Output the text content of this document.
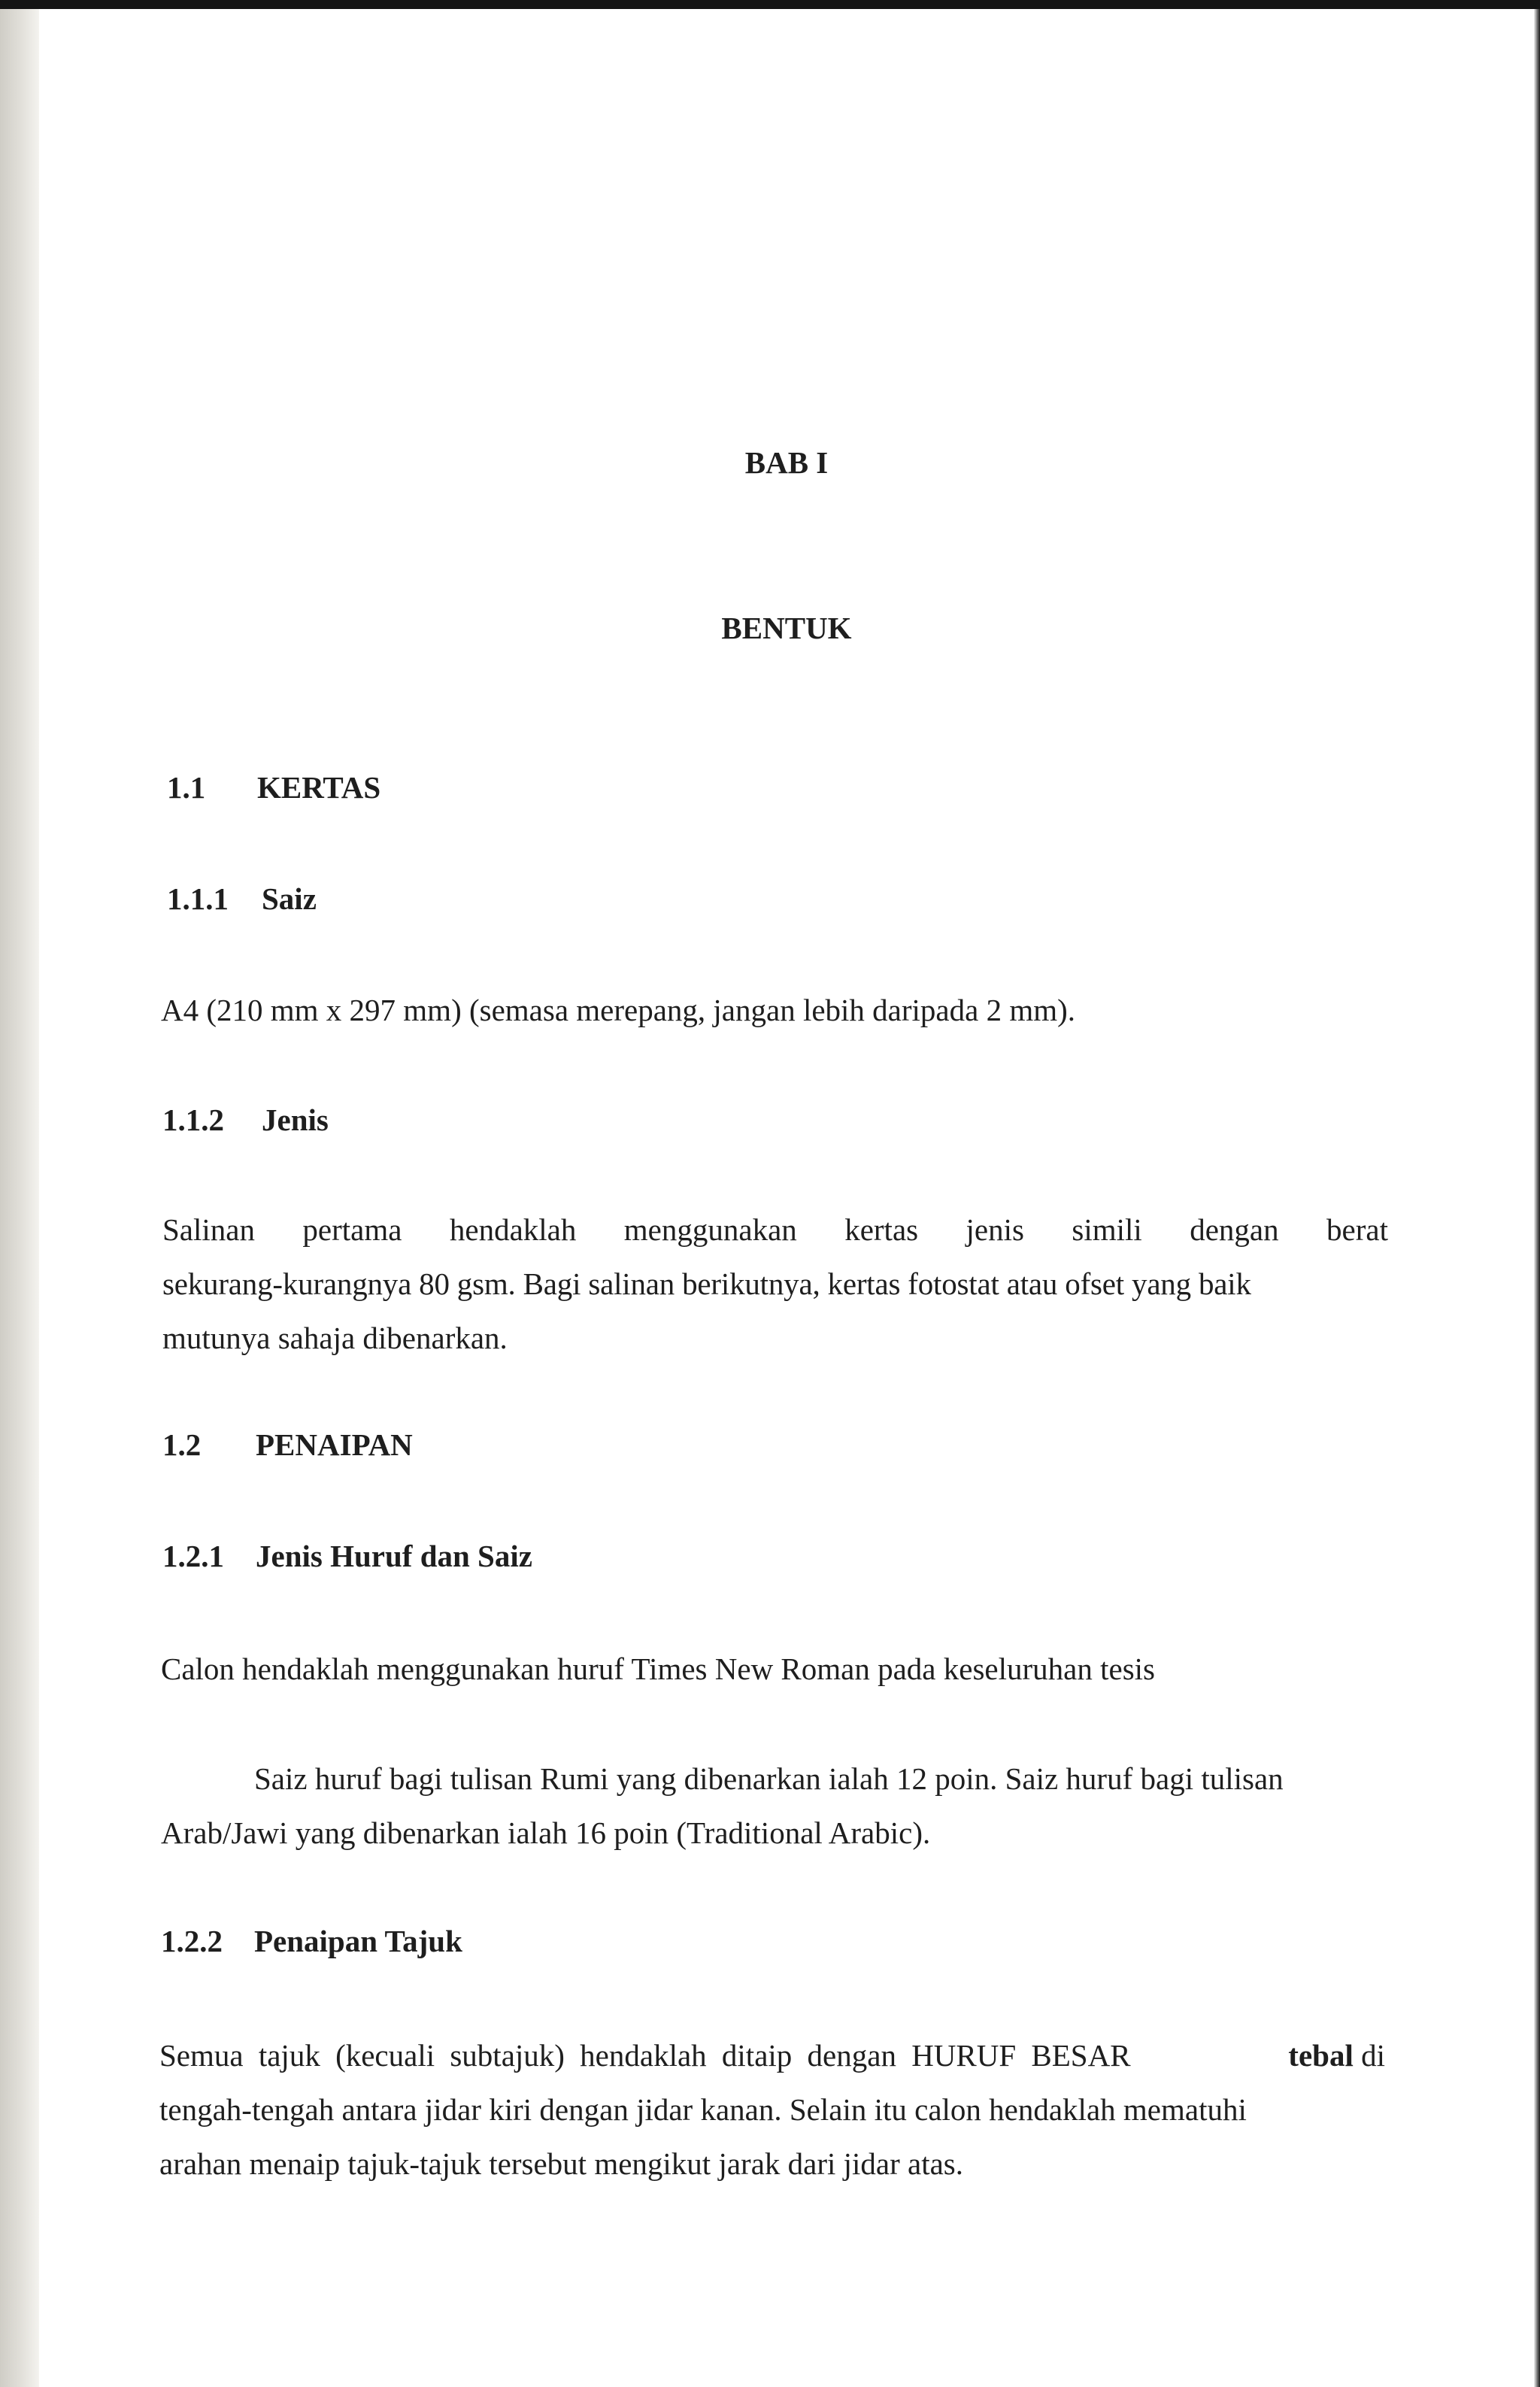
BAB I
BENTUK
1.1 KERTAS
1.1.1 Saiz
A4 (210 mm x 297 mm) (semasa merepang, jangan lebih daripada 2 mm).
1.1.2 Jenis
Salinan pertama hendaklah menggunakan kertas jenis simili dengan berat
sekurang-kurangnya 80 gsm. Bagi salinan berikutnya, kertas fotostat atau ofset yang baik
mutunya sahaja dibenarkan.
1.2 PENAIPAN
1.2.1 Jenis Huruf dan Saiz
Calon hendaklah menggunakan huruf Times New Roman pada keseluruhan tesis
Saiz huruf bagi tulisan Rumi yang dibenarkan ialah 12 poin. Saiz huruf bagi tulisan
Arab/Jawi yang dibenarkan ialah 16 poin (Traditional Arabic).
1.2.2 Penaipan Tajuk
Semua tajuk (kecuali subtajuk) hendaklah ditaip dengan HURUF BESAR	tebal di
tengah-tengah antara jidar kiri dengan jidar kanan. Selain itu calon hendaklah mematuhi
arahan menaip tajuk-tajuk tersebut mengikut jarak dari jidar atas.
